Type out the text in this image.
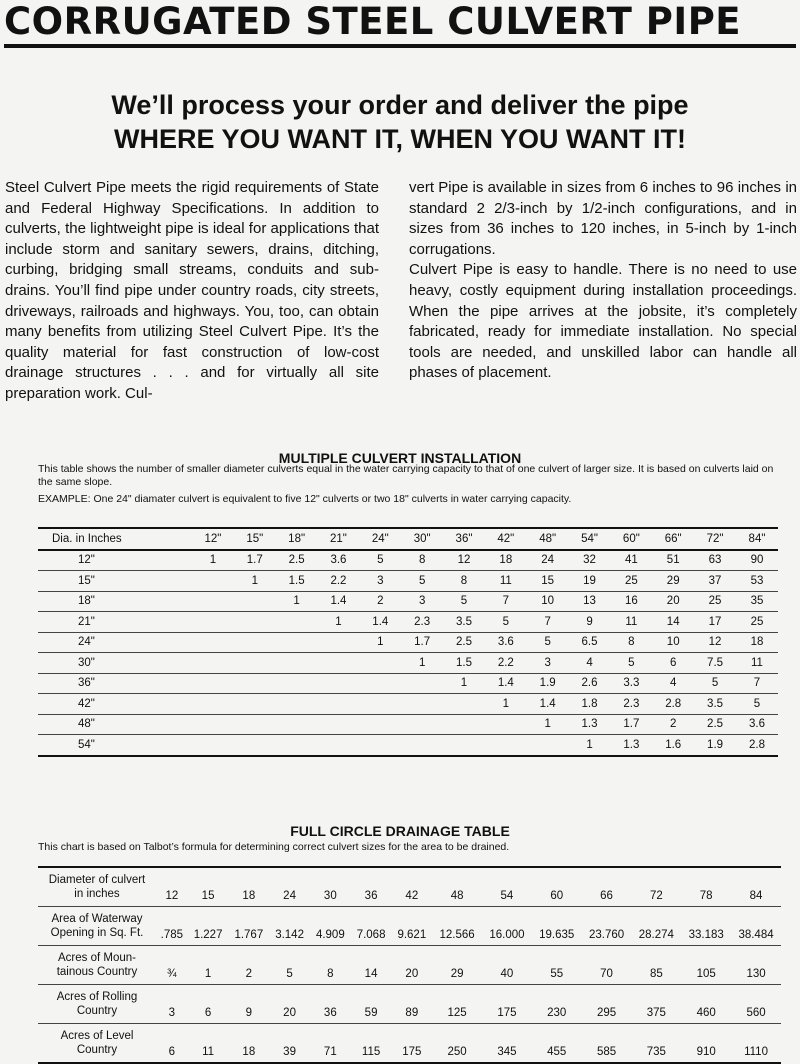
CORRUGATED STEEL CULVERT PIPE
We’ll process your order and deliver the pipe
WHERE YOU WANT IT, WHEN YOU WANT IT!

Steel Culvert Pipe meets the rigid requirements of State and Federal Highway Specifications. In addition to culverts, the lightweight pipe is ideal for applications that include storm and sanitary sewers, drains, ditching, curbing, bridging small streams, conduits and sub-drains. You’ll find pipe under country roads, city streets, driveways, railroads and highways. You, too, can obtain many benefits from utilizing Steel Culvert Pipe. It’s the quality material for fast construction of low-cost drainage structures . . . and for virtually all site preparation work. Cul-

vert Pipe is available in sizes from 6 inches to 96 inches in standard 2 2/3-inch by 1/2-inch configurations, and in sizes from 36 inches to 120 inches, in 5-inch by 1-inch corrugations.

Culvert Pipe is easy to handle. There is no need to use heavy, costly equipment during installation proceedings. When the pipe arrives at the jobsite, it’s completely fabricated, ready for immediate installation. No special tools are needed, and unskilled labor can handle all phases of placement.

MULTIPLE CULVERT INSTALLATION
This table shows the number of smaller diameter culverts equal in the water carrying capacity to that of one culvert of larger size. It is based on culverts laid on the same slope.
EXAMPLE: One 24" diamater culvert is equivalent to five 12" culverts or two 18" culverts in water carrying capacity.
Dia. in Inches	12"	15"	18"	21"	24"	30"	36"	42"	48"	54"	60"	66"	72"	84"
12"	1	1.7	2.5	3.6	5	8	12	18	24	32	41	51	63	90
15"		1	1.5	2.2	3	5	8	11	15	19	25	29	37	53
18"			1	1.4	2	3	5	7	10	13	16	20	25	35
21"				1	1.4	2.3	3.5	5	7	9	11	14	17	25
24"					1	1.7	2.5	3.6	5	6.5	8	10	12	18
30"						1	1.5	2.2	3	4	5	6	7.5	11
36"							1	1.4	1.9	2.6	3.3	4	5	7
42"								1	1.4	1.8	2.3	2.8	3.5	5
48"									1	1.3	1.7	2	2.5	3.6
54"										1	1.3	1.6	1.9	2.8
FULL CIRCLE DRAINAGE TABLE
This chart is based on Talbot’s formula for determining correct culvert sizes for the area to be drained.
Diameter of culvert
in inches	12	15	18	24	30	36	42	48	54	60	66	72	78	84

Area of Waterway
Opening in Sq. Ft.	.785	1.227	1.767	3.142	4.909	7.068	9.621	12.566	16.000	19.635	23.760	28.274	33.183	38.484

Acres of Moun-
tainous Country	¾	1	2	5	8	14	20	29	40	55	70	85	105	130

Acres of Rolling
Country	3	6	9	20	36	59	89	125	175	230	295	375	460	560

Acres of Level
Country	6	11	18	39	71	115	175	250	345	455	585	735	910	1110
